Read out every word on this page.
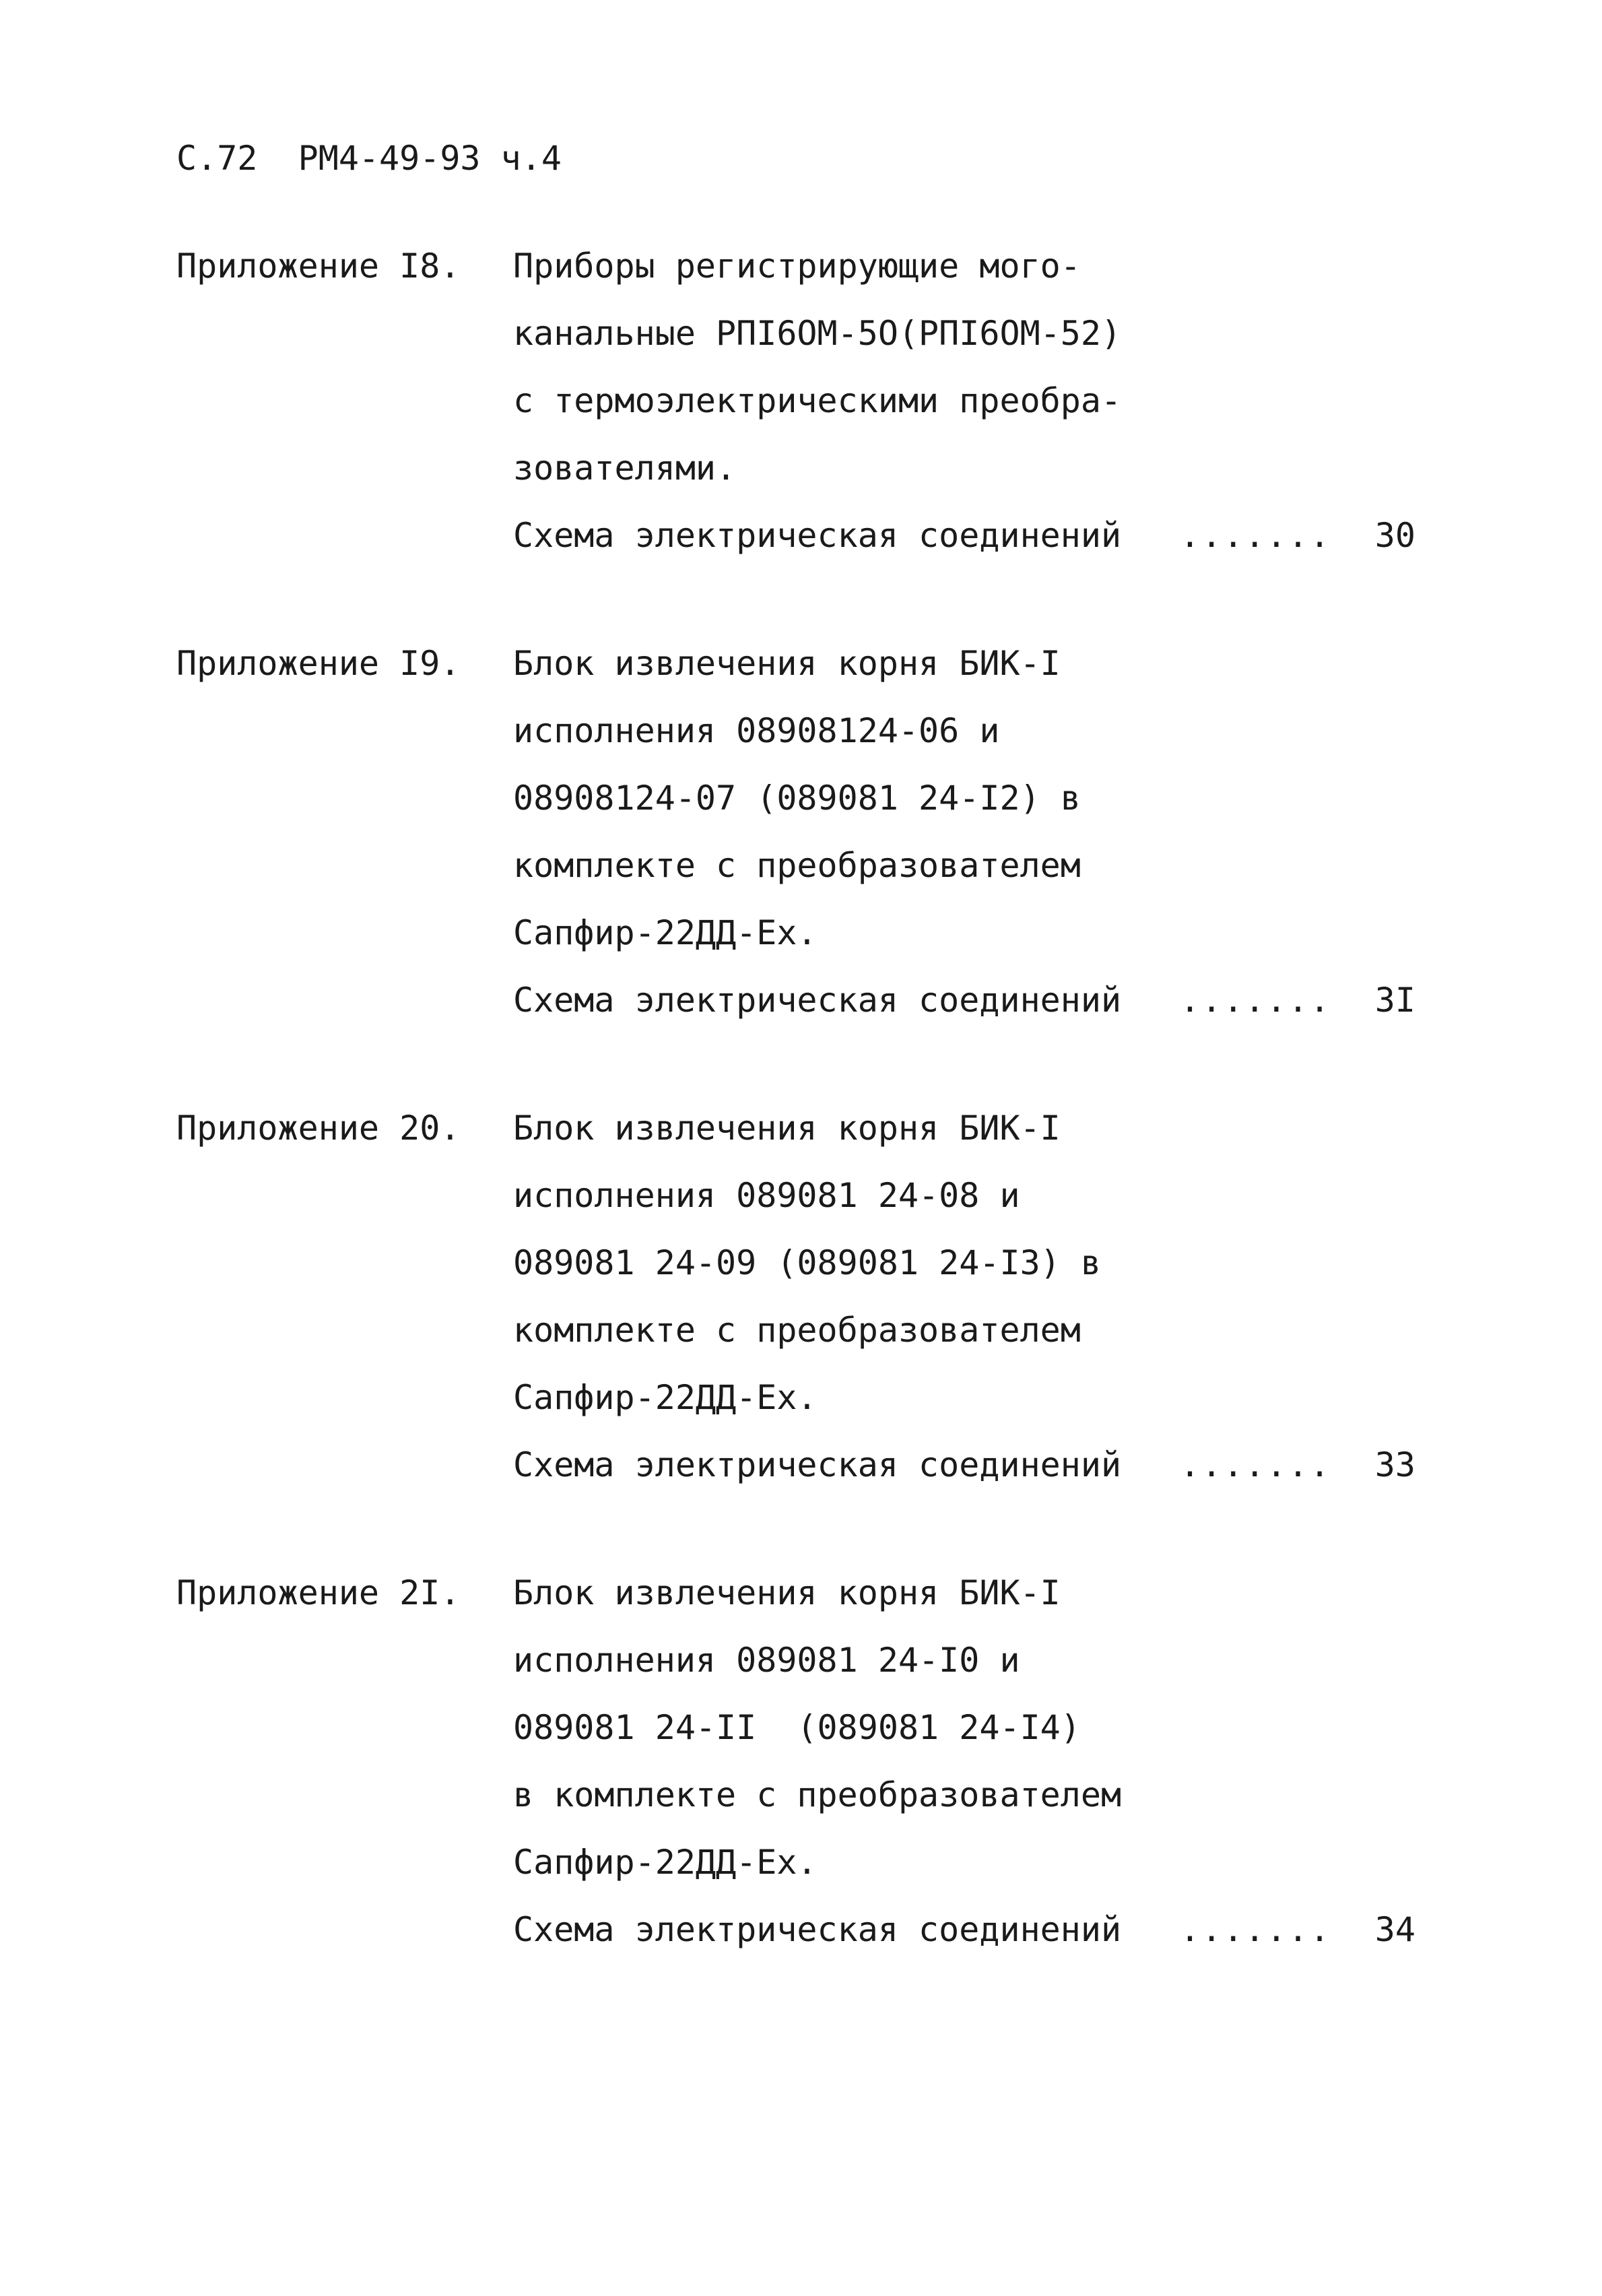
С.72  РМ4-49-93 ч.4
Приложение I8. Приборы регистрирующие мого-
канальные РПI6ОМ-5О(РПI6ОМ-52)
с термоэлектрическими преобра-
зователями.

Схема электрическая соединений

.......

30

Приложение I9. Блок извлечения корня БИК-I
исполнения 08908124-06 и
08908124-07 (089081 24-I2) в
комплекте с преобразователем
Сапфир-22ДД-Ех.

Схема электрическая соединений

.......

3I

Приложение 20. Блок извлечения корня БИК-I
исполнения 089081 24-08 и
089081 24-09 (089081 24-I3) в
комплекте с преобразователем
Сапфир-22ДД-Ех.

Схема электрическая соединений

.......

33

Приложение 2I. Блок извлечения корня БИК-I
исполнения 089081 24-I0 и
089081 24-II  (089081 24-I4)
в комплекте с преобразователем
Сапфир-22ДД-Ех.

Схема электрическая соединений

.......

34
